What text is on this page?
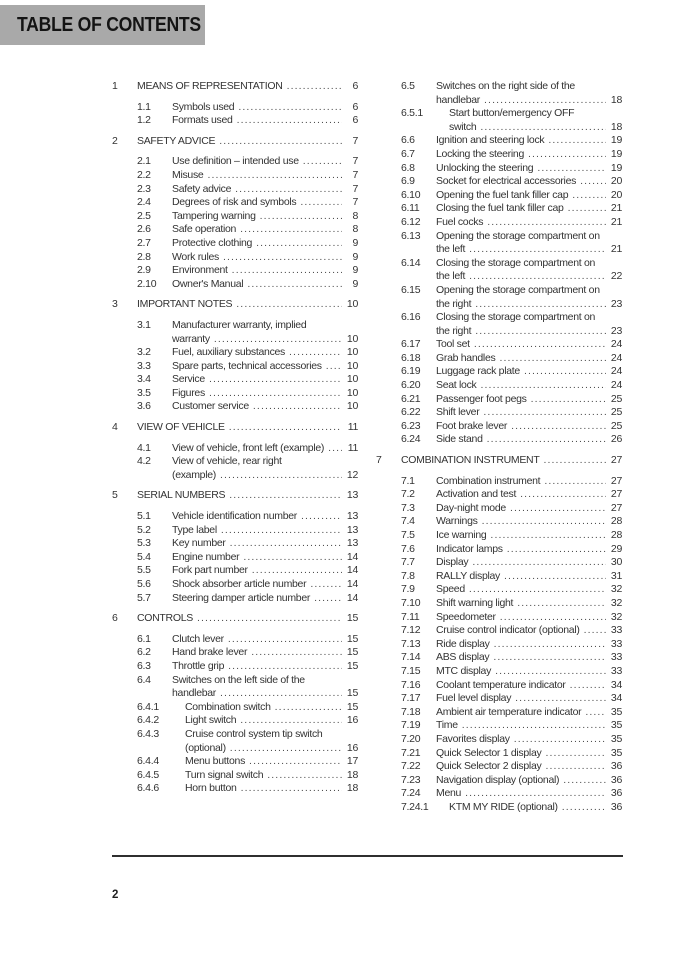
TABLE OF CONTENTS
1	MEANS OF REPRESENTATION .....	6
1.1	Symbols used .....	6
1.2	Formats used .....	6
2	SAFETY ADVICE .....	7
2.1	Use definition – intended use .....	7
2.2	Misuse .....	7
2.3	Safety advice .....	7
2.4	Degrees of risk and symbols .....	7
2.5	Tampering warning .....	8
2.6	Safe operation .....	8
2.7	Protective clothing .....	9
2.8	Work rules .....	9
2.9	Environment .....	9
2.10	Owner's Manual .....	9
3	IMPORTANT NOTES .....	10
3.1	Manufacturer warranty, implied
warranty .....	10
3.2	Fuel, auxiliary substances .....	10
3.3	Spare parts, technical accessories .....	10
3.4	Service .....	10
3.5	Figures .....	10
3.6	Customer service .....	10
4	VIEW OF VEHICLE .....	11
4.1	View of vehicle, front left (example) .....	11
4.2	View of vehicle, rear right
(example) .....	12
5	SERIAL NUMBERS .....	13
5.1	Vehicle identification number .....	13
5.2	Type label .....	13
5.3	Key number .....	13
5.4	Engine number .....	14
5.5	Fork part number .....	14
5.6	Shock absorber article number .....	14
5.7	Steering damper article number .....	14
6	CONTROLS .....	15
6.1	Clutch lever .....	15
6.2	Hand brake lever .....	15
6.3	Throttle grip .....	15
6.4	Switches on the left side of the
handlebar .....	15
6.4.1	Combination switch .....	15
6.4.2	Light switch .....	16
6.4.3	Cruise control system tip switch
(optional) .....	16
6.4.4	Menu buttons .....	17
6.4.5	Turn signal switch .....	18
6.4.6	Horn button .....	18
6.5	Switches on the right side of the
handlebar .....	18
6.5.1	Start button/emergency OFF
switch .....	18
6.6	Ignition and steering lock .....	19
6.7	Locking the steering .....	19
6.8	Unlocking the steering .....	19
6.9	Socket for electrical accessories .....	20
6.10	Opening the fuel tank filler cap .....	20
6.11	Closing the fuel tank filler cap .....	21
6.12	Fuel cocks .....	21
6.13	Opening the storage compartment on
the left .....	21
6.14	Closing the storage compartment on
the left .....	22
6.15	Opening the storage compartment on
the right .....	23
6.16	Closing the storage compartment on
the right .....	23
6.17	Tool set .....	24
6.18	Grab handles .....	24
6.19	Luggage rack plate .....	24
6.20	Seat lock .....	24
6.21	Passenger foot pegs .....	25
6.22	Shift lever .....	25
6.23	Foot brake lever .....	25
6.24	Side stand .....	26
7	COMBINATION INSTRUMENT .....	27
7.1	Combination instrument .....	27
7.2	Activation and test .....	27
7.3	Day-night mode .....	27
7.4	Warnings .....	28
7.5	Ice warning .....	28
7.6	Indicator lamps .....	29
7.7	Display .....	30
7.8	RALLY display .....	31
7.9	Speed .....	32
7.10	Shift warning light .....	32
7.11	Speedometer .....	32
7.12	Cruise control indicator (optional) .....	33
7.13	Ride display .....	33
7.14	ABS display .....	33
7.15	MTC display .....	33
7.16	Coolant temperature indicator .....	34
7.17	Fuel level display .....	34
7.18	Ambient air temperature indicator .....	35
7.19	Time .....	35
7.20	Favorites display .....	35
7.21	Quick Selector 1 display .....	35
7.22	Quick Selector 2 display .....	36
7.23	Navigation display (optional) .....	36
7.24	Menu .....	36
7.24.1	KTM MY RIDE (optional) .....	36
2
